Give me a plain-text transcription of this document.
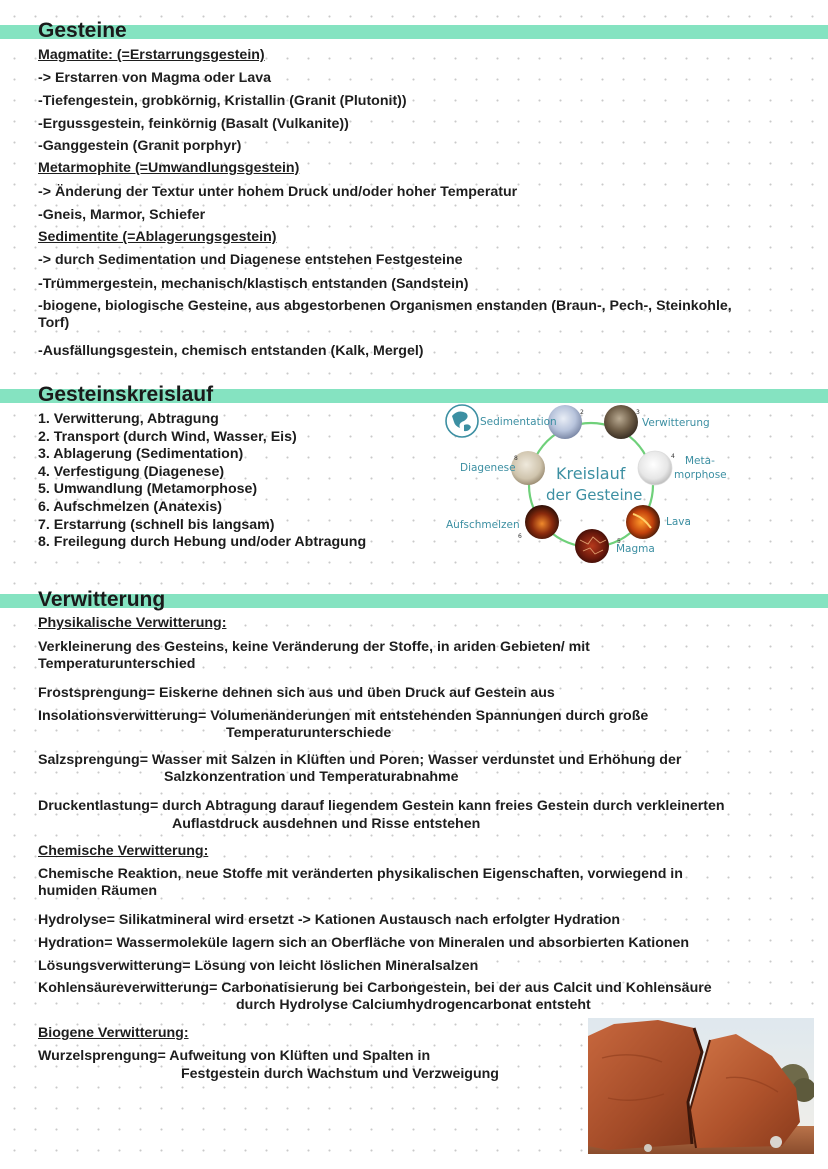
Gesteine
Magmatite: (=Erstarrungsgestein)
-> Erstarren von Magma oder Lava
-Tiefengestein, grobkörnig, Kristallin (Granit (Plutonit))
-Ergussgestein, feinkörnig (Basalt (Vulkanite))
-Ganggestein (Granit porphyr)
Metarmophite (=Umwandlungsgestein)
-> Änderung der Textur unter hohem Druck und/oder hoher Temperatur
-Gneis, Marmor, Schiefer
Sedimentite (=Ablagerungsgestein)
-> durch Sedimentation und Diagenese entstehen Festgesteine
-Trümmergestein, mechanisch/klastisch entstanden (Sandstein)
-biogene, biologische Gesteine, aus abgestorbenen Organismen enstanden (Braun-, Pech-, Steinkohle,
Torf)
-Ausfällungsgestein, chemisch entstanden (Kalk, Mergel)
Gesteinskreislauf
1. Verwitterung, Abtragung
2. Transport (durch Wind, Wasser, Eis)
3. Ablagerung (Sedimentation)
4. Verfestigung (Diagenese)
5. Umwandlung (Metamorphose)
6. Aufschmelzen (Anatexis)
7. Erstarrung (schnell bis langsam)
8. Freilegung durch Hebung und/oder Abtragung
2	3
4
5
6
8
Sedimentation	Verwitterung
Meta-
morphose
Lava
Magma
Aufschmelzen
Diagenese	Kreislauf
der Gesteine
Verwitterung
Physikalische Verwitterung:
Verkleinerung des Gesteins, keine Veränderung der Stoffe, in ariden Gebieten/ mit
Temperaturunterschied
Frostsprengung= Eiskerne dehnen sich aus und üben Druck auf Gestein aus
Insolationsverwitterung= Volumenänderungen mit entstehenden Spannungen durch große
Temperaturunterschiede
Salzsprengung= Wasser mit Salzen in Klüften und Poren; Wasser verdunstet und Erhöhung der
Salzkonzentration und Temperaturabnahme
Druckentlastung= durch Abtragung darauf liegendem Gestein kann freies Gestein durch verkleinerten
Auflastdruck ausdehnen und Risse entstehen
Chemische Verwitterung:
Chemische Reaktion, neue Stoffe mit veränderten physikalischen Eigenschaften, vorwiegend in
humiden Räumen
Hydrolyse= Silikatmineral wird ersetzt -> Kationen Austausch nach erfolgter Hydration
Hydration= Wassermoleküle lagern sich an Oberfläche von Mineralen und absorbierten Kationen
Lösungsverwitterung= Lösung von leicht löslichen Mineralsalzen
Kohlensäureverwitterung= Carbonatisierung bei Carbongestein, bei der aus Calcit und Kohlensäure
durch Hydrolyse Calciumhydrogencarbonat entsteht
Biogene Verwitterung:
Wurzelsprengung= Aufweitung von Klüften und Spalten in
Festgestein durch Wachstum und Verzweigung
